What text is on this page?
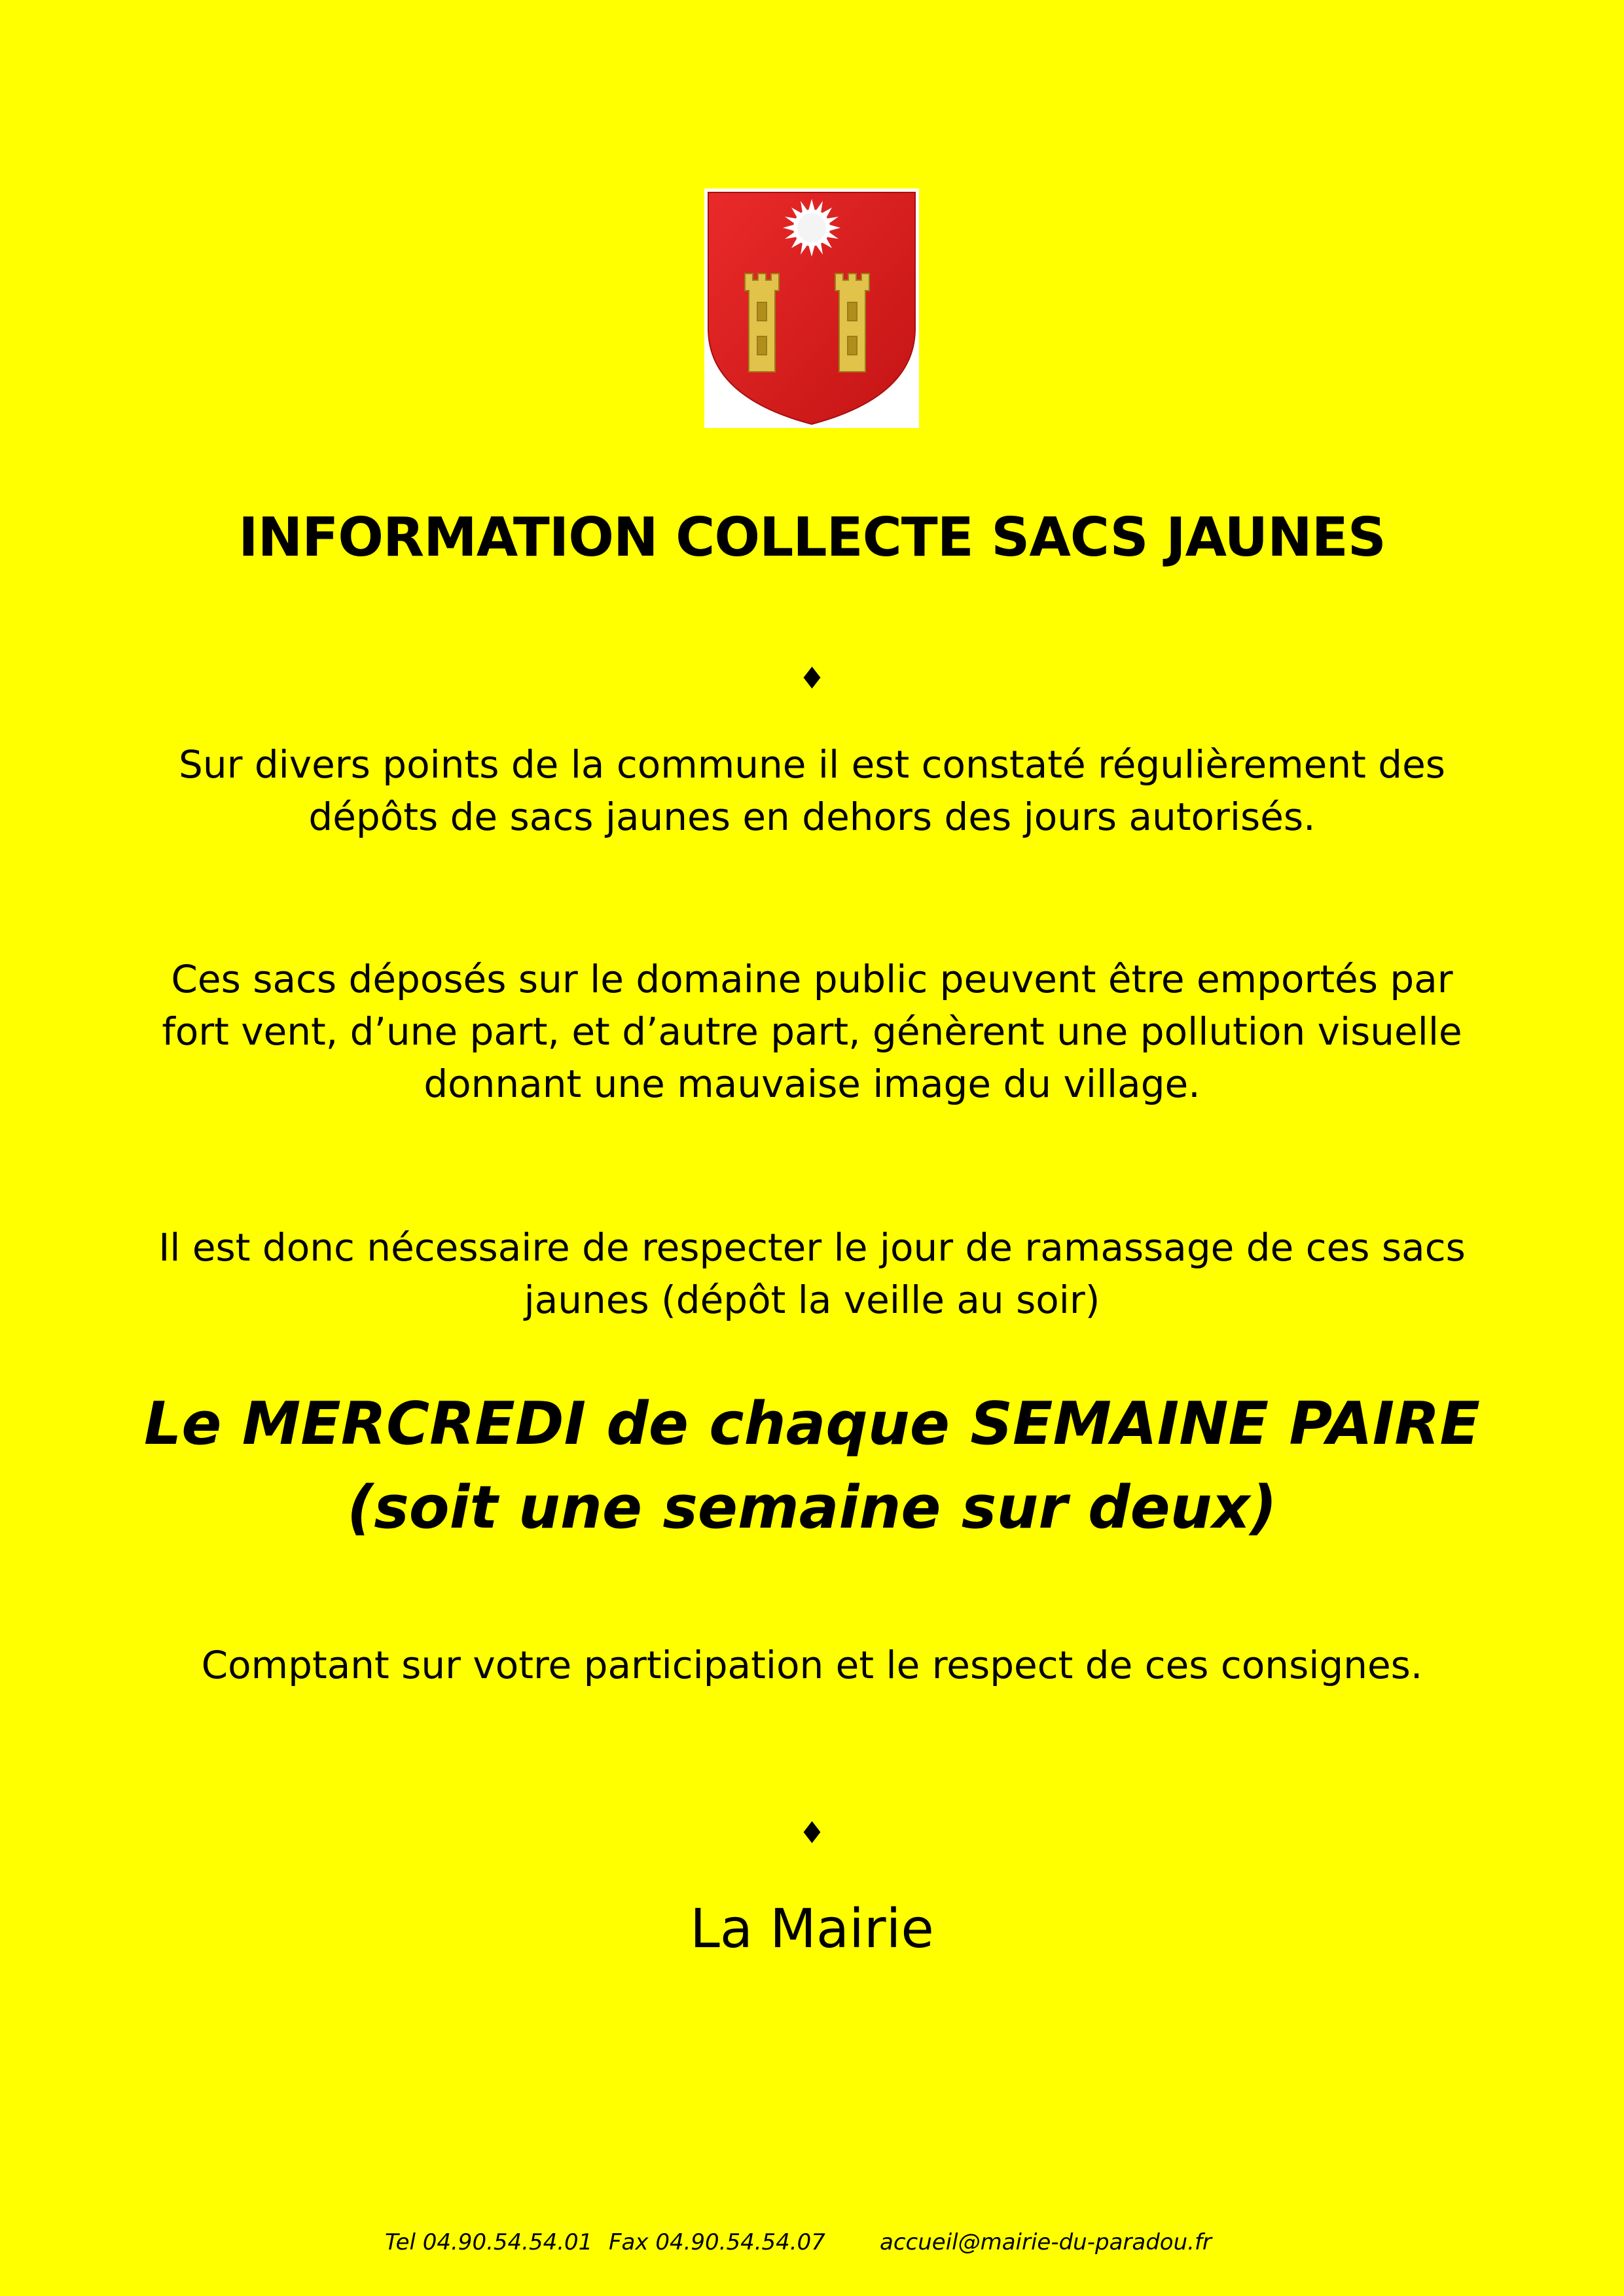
INFORMATION COLLECTE SACS JAUNES
♦

Sur divers points de la commune il est constaté régulièrement des dépôts de sacs jaunes en dehors des jours autorisés.

Ces sacs déposés sur le domaine public peuvent être emportés par fort vent, d’une part, et d’autre part, génèrent une pollution visuelle donnant une mauvaise image du village.

Il est donc nécessaire de respecter le jour de ramassage de ces sacs jaunes (dépôt la veille au soir)

Le MERCREDI de chaque SEMAINE PAIRE (soit une semaine sur deux)

Comptant sur votre participation et le respect de ces consignes.

♦
La Mairie
Tel 04.90.54.54.01 Fax 04.90.54.54.07 accueil@mairie-du-paradou.fr
